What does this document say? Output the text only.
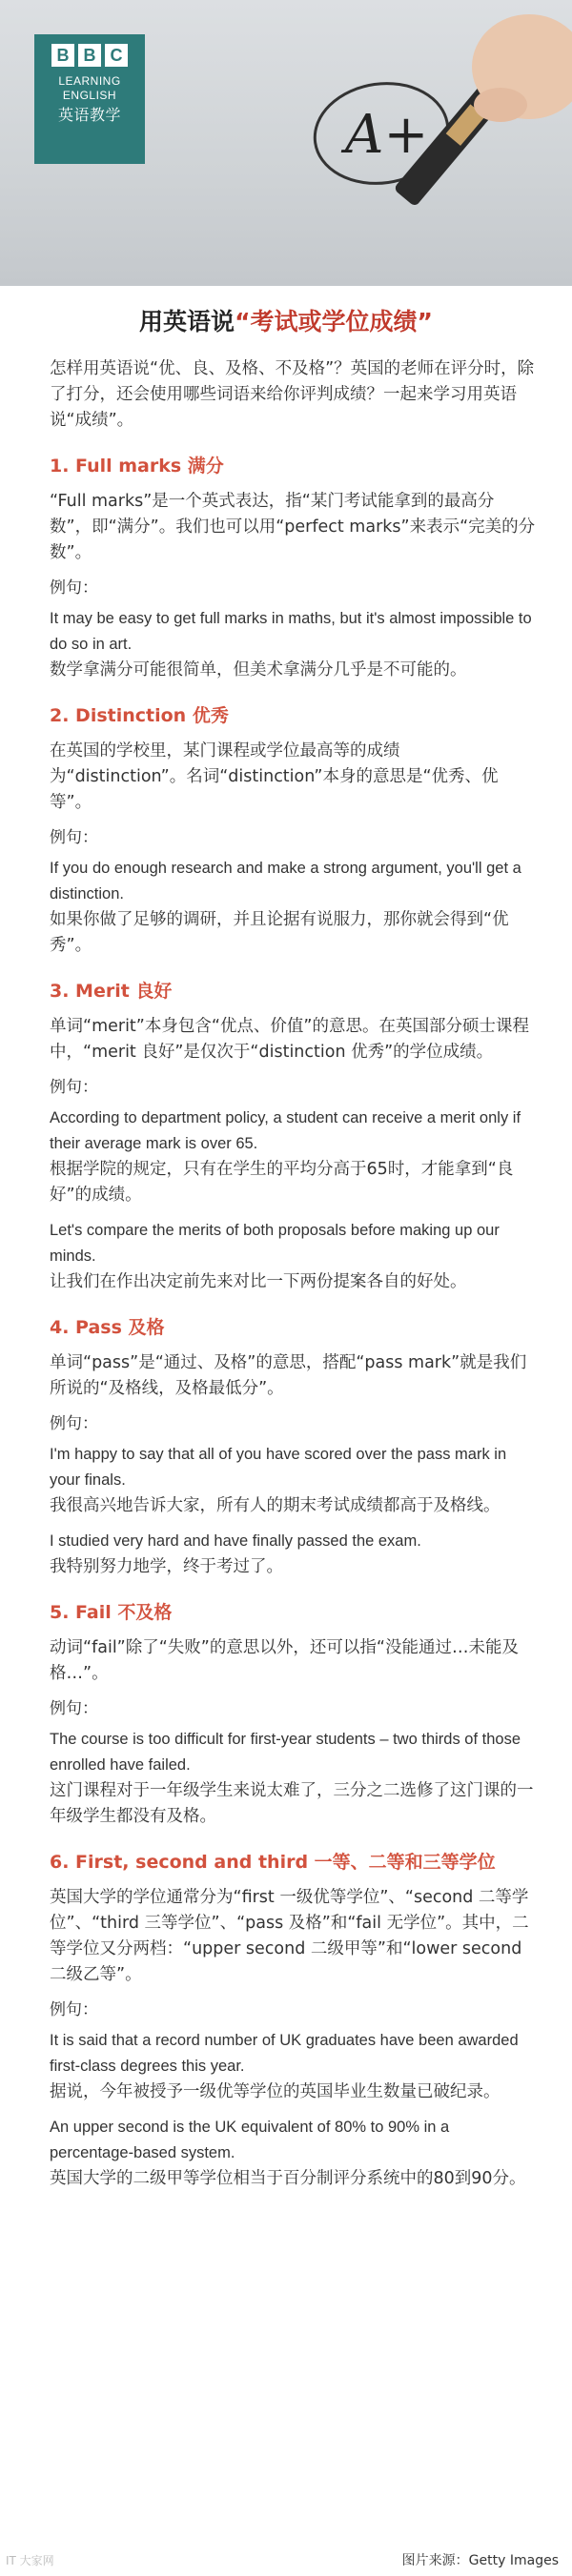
B B C
LEARNING
ENGLISH
英语教学	A+
用英语说“考试或学位成绩”
怎样用英语说“优、良、及格、不及格”？英国的老师在评分时，除了打分，还会使用哪些词语来给你评判成绩？一起来学习用英语说“成绩”。
1. Full marks 满分
“Full marks”是一个英式表达，指“某门考试能拿到的最高分数”，即“满分”。我们也可以用“perfect marks”来表示“完美的分数”。
例句：
It may be easy to get full marks in maths, but it's almost impossible to do so in art.
数学拿满分可能很简单，但美术拿满分几乎是不可能的。
2. Distinction 优秀
在英国的学校里，某门课程或学位最高等的成绩为“distinction”。名词“distinction”本身的意思是“优秀、优等”。
例句：
If you do enough research and make a strong argument, you'll get a distinction.
如果你做了足够的调研，并且论据有说服力，那你就会得到“优秀”。
3. Merit 良好
单词“merit”本身包含“优点、价值”的意思。在英国部分硕士课程中，“merit 良好”是仅次于“distinction 优秀”的学位成绩。
例句：
According to department policy, a student can receive a merit only if their average mark is over 65.
根据学院的规定，只有在学生的平均分高于65时，才能拿到“良好”的成绩。
Let's compare the merits of both proposals before making up our minds.
让我们在作出决定前先来对比一下两份提案各自的好处。
4. Pass 及格
单词“pass”是“通过、及格”的意思，搭配“pass mark”就是我们所说的“及格线，及格最低分”。
例句：
I'm happy to say that all of you have scored over the pass mark in your finals.
我很高兴地告诉大家，所有人的期末考试成绩都高于及格线。
I studied very hard and have finally passed the exam.
我特别努力地学，终于考过了。
5. Fail 不及格
动词“fail”除了“失败”的意思以外，还可以指“没能通过…未能及格…”。
例句：
The course is too difficult for first-year students – two thirds of those enrolled have failed.
这门课程对于一年级学生来说太难了，三分之二选修了这门课的一年级学生都没有及格。
6. First, second and third 一等、二等和三等学位
英国大学的学位通常分为“first 一级优等学位”、“second 二等学位”、“third 三等学位”、“pass 及格”和“fail 无学位”。其中，二等学位又分两档：“upper second 二级甲等”和“lower second 二级乙等”。
例句：
It is said that a record number of UK graduates have been awarded first-class degrees this year.
据说，今年被授予一级优等学位的英国毕业生数量已破纪录。
An upper second is the UK equivalent of 80% to 90% in a percentage-based system.
英国大学的二级甲等学位相当于百分制评分系统中的80到90分。
IT 大家网	图片来源：Getty Images
